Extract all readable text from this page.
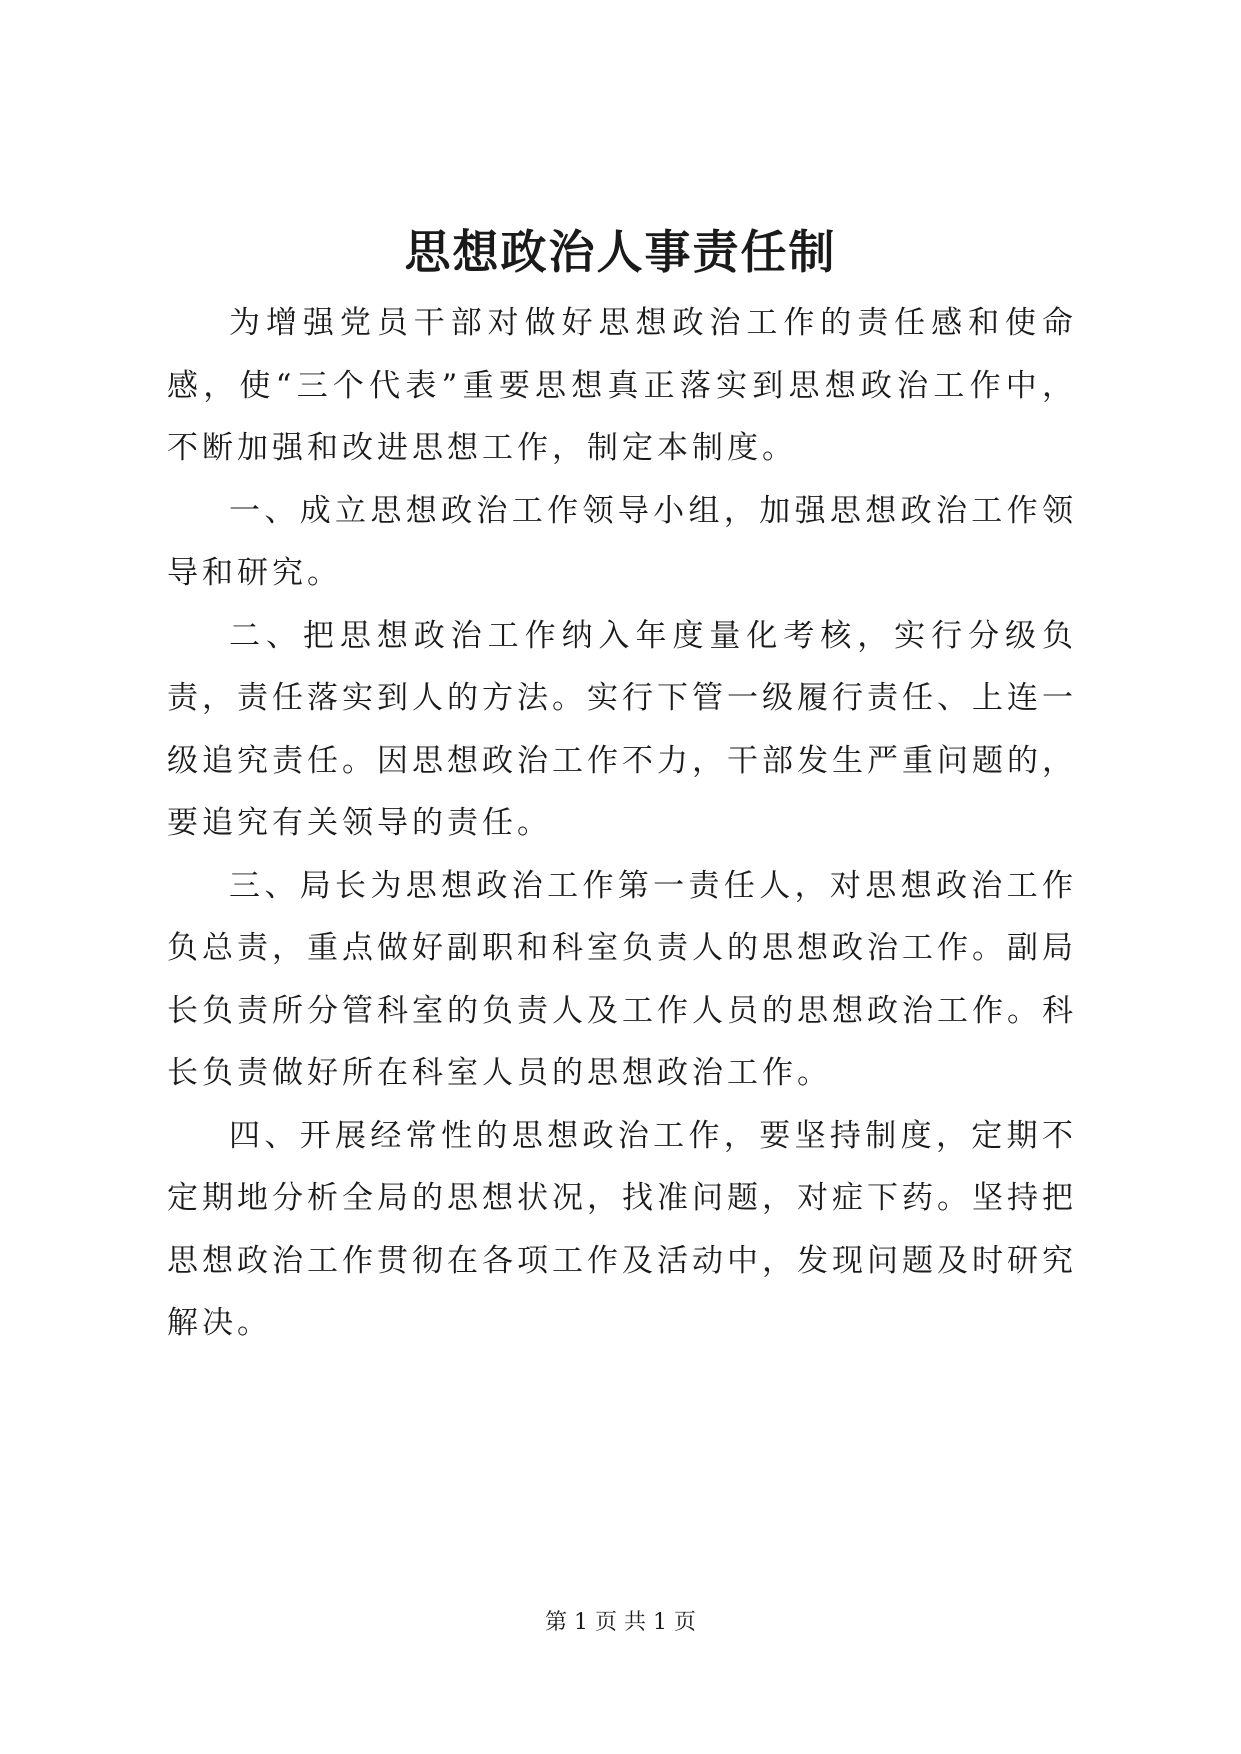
思想政治人事责任制

为增强党员干部对做好思想政治工作的责任感和使命感，使“三个代表”重要思想真正落实到思想政治工作中，不断加强和改进思想工作，制定本制度。

一、成立思想政治工作领导小组，加强思想政治工作领导和研究。

二、把思想政治工作纳入年度量化考核，实行分级负责，责任落实到人的方法。实行下管一级履行责任、上连一级追究责任。因思想政治工作不力，干部发生严重问题的，要追究有关领导的责任。

三、局长为思想政治工作第一责任人，对思想政治工作负总责，重点做好副职和科室负责人的思想政治工作。副局长负责所分管科室的负责人及工作人员的思想政治工作。科长负责做好所在科室人员的思想政治工作。

四、开展经常性的思想政治工作，要坚持制度，定期不定期地分析全局的思想状况，找准问题，对症下药。坚持把思想政治工作贯彻在各项工作及活动中，发现问题及时研究解决。

第 1 页 共 1 页
